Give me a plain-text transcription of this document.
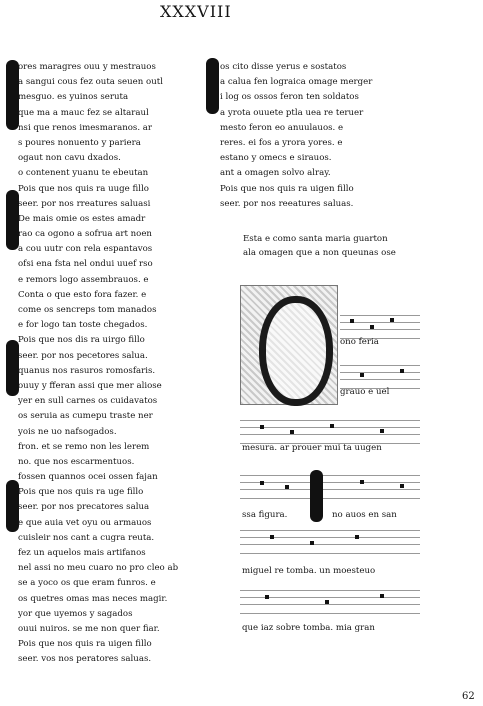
XXXVIII
ores maragres ouu y mestrauos
a sangui cous fez outa seuen outl
mesguo. es yuinos seruta
que ma a mauc fez se altaraul
nsi que renos imesmaranos. ar
s poures nonuento y pariera
ogaut non cavu dxados.
o contenent yuanu te ebeutan
Pois que nos quis ra uuge fillo
seer. por nos rreatures saluasi
De mais omie os estes amadr
rao ca ogono a sofrua art noen
a cou uutr con rela espantavos
ofsi ena fsta nel ondui uuef rso
e remors logo assembrauos. e
Conta o que esto fora fazer. e
come os sencreps tom manados
e for logo tan toste chegados.
Pois que nos dis ra uirgo fillo
seer. por nos pecetores salua.
quanus nos rasuros romosfaris.
ouuy y fferan assi que mer aliose
yer en sull carnes os cuidavatos
os seruia as cumepu traste ner
yois ne uo nafsogados.
fron. et se remo non les lerem
no. que nos escarmentuos.
fossen quannos ocei ossen fajan
Pois que nos quis ra uge fillo
seer. por nos precatores salua
e que auia vet oyu ou armauos
cuisleir nos cant a cugra reuta.
fez un aquelos mais artifanos
nel assi no meu cuaro no pro cleo ab
se a yoco os que eram funros. e
os quetres omas mas neces magir.
yor que uyemos y sagados
ouui nuiros. se me non quer fiar.
Pois que nos quis ra uigen fillo
seer. vos nos peratores saluas.
os cito disse yerus e sostatos
a calua fen lograica omage merger
i log os ossos feron ten soldatos
a yrota ouuete ptla uea re teruer
mesto feron eo anuulauos. e
reres. ei fos a yrora yores. e
estano y omecs e sirauos.
ant a omagen solvo alray.
Pois que nos quis ra uigen fillo
seer. por nos reeatures saluas.
Esta e como santa maria guarton
ala omagen que a non queunas ose
ono feria
grauo e uel
mesura. ar prouer mui ta uugen
ssa figura.	no auos en san
miguel re tomba. un moesteuo
que iaz sobre tomba. mia gran
62
